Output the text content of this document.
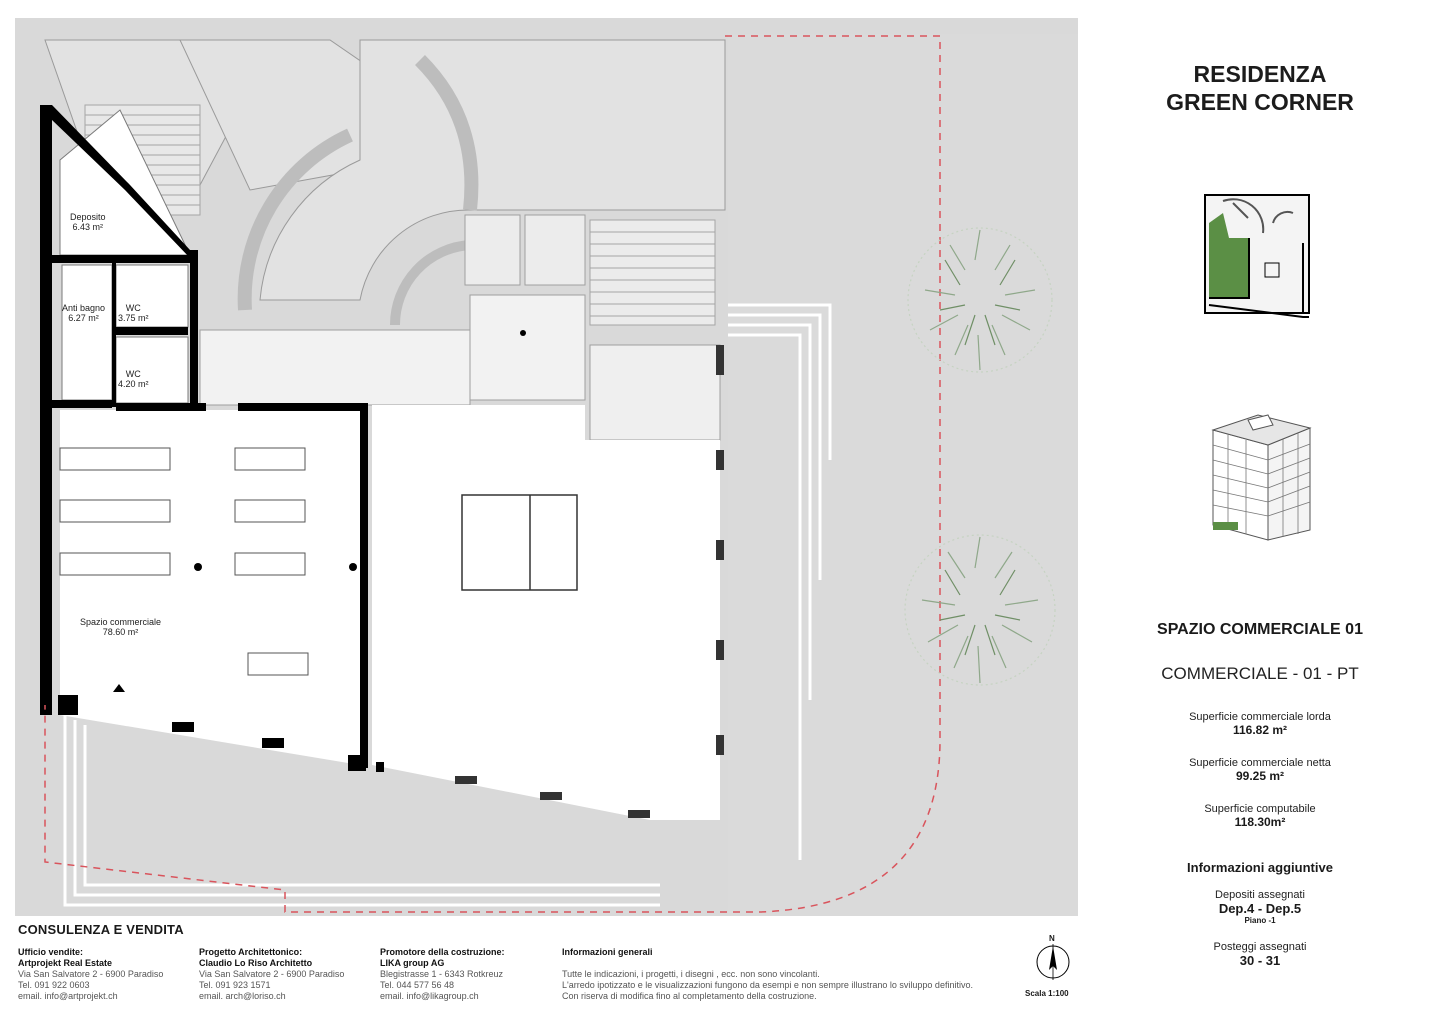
Deposito
6.43 m²
Anti bagno
6.27 m²
WC
3.75 m²
WC
4.20 m²
Spazio commerciale
78.60 m²
RESIDENZA
GREEN CORNER
SPAZIO COMMERCIALE 01
COMMERCIALE - 01 - PT
Superficie commerciale lorda
116.82 m²
Superficie commerciale netta
99.25 m²
Superficie computabile
118.30m²
Informazioni aggiuntive
Depositi assegnati
Dep.4 - Dep.5
Piano -1
Posteggi assegnati
30 - 31
CONSULENZA E VENDITA
Ufficio vendite:
Artprojekt Real Estate
Via San Salvatore 2 - 6900 Paradiso
Tel. 091 922 0603
email. info@artprojekt.ch
Progetto Architettonico:
Claudio Lo Riso Architetto
Via San Salvatore 2 - 6900 Paradiso
Tel. 091 923 1571
email. arch@loriso.ch
Promotore della costruzione:
LIKA group AG
Blegistrasse 1 - 6343 Rotkreuz
Tel. 044 577 56 48
email. info@likagroup.ch
Informazioni generali
Tutte le indicazioni, i progetti, i disegni , ecc. non sono vincolanti.
L'arredo ipotizzato e le visualizzazioni fungono da esempi e non sempre illustrano lo sviluppo definitivo.
Con riserva di modifica fino al completamento della costruzione.
N
Scala 1:100
